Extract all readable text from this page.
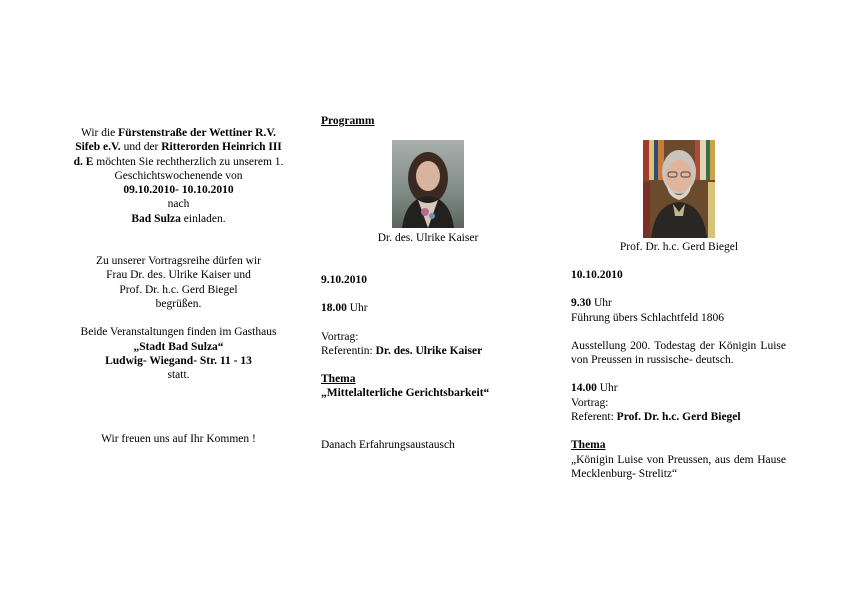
Wir die Fürstenstraße der Wettiner R.V. Sifeb e.V. und der Ritterorden Heinrich III d. E möchten Sie rechtherzlich zu unserem 1. Geschichtswochenende von
09.10.2010- 10.10.2010
nach
Bad Sulza einladen.
Zu unserer Vortragsreihe dürfen wir
Frau Dr. des. Ulrike Kaiser und
Prof. Dr. h.c. Gerd Biegel
begrüßen.
Beide Veranstaltungen finden im Gasthaus
„Stadt Bad Sulza“
Ludwig- Wiegand- Str. 11 - 13
statt.
Wir freuen uns auf Ihr Kommen !
Programm
Dr. des. Ulrike Kaiser
9.10.2010
18.00 Uhr
Vortrag:
Referentin: Dr. des. Ulrike Kaiser
Thema
„Mittelalterliche Gerichtsbarkeit“
Danach Erfahrungsaustausch
Prof. Dr. h.c. Gerd Biegel
10.10.2010
9.30 Uhr
Führung übers Schlachtfeld 1806
Ausstellung 200. Todestag der Königin Luise von Preussen in russische- deutsch.
14.00 Uhr
Vortrag:
Referent: Prof. Dr. h.c. Gerd Biegel
Thema
„Königin Luise von Preussen, aus dem Hause Mecklenburg- Strelitz“
